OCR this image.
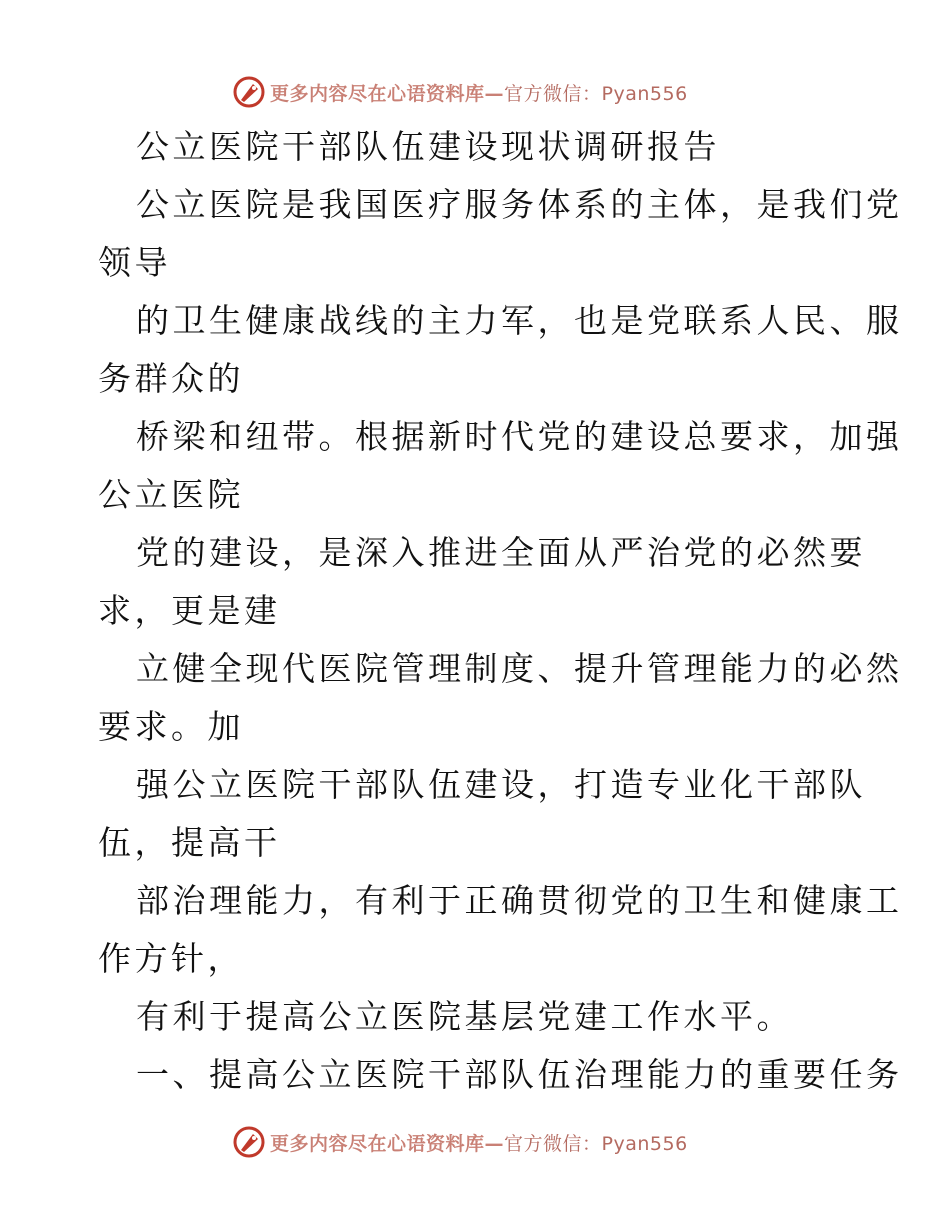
更多内容尽在心语资料库—官方微信：Pyan556
公立医院干部队伍建设现状调研报告
公立医院是我国医疗服务体系的主体，是我们党
领导
的卫生健康战线的主力军，也是党联系人民、服
务群众的
桥梁和纽带。根据新时代党的建设总要求，加强
公立医院
党的建设，是深入推进全面从严治党的必然要
求，更是建
立健全现代医院管理制度、提升管理能力的必然
要求。加
强公立医院干部队伍建设，打造专业化干部队
伍，提高干
部治理能力，有利于正确贯彻党的卫生和健康工
作方针，
有利于提高公立医院基层党建工作水平。
一、提高公立医院干部队伍治理能力的重要任务
更多内容尽在心语资料库—官方微信：Pyan556
